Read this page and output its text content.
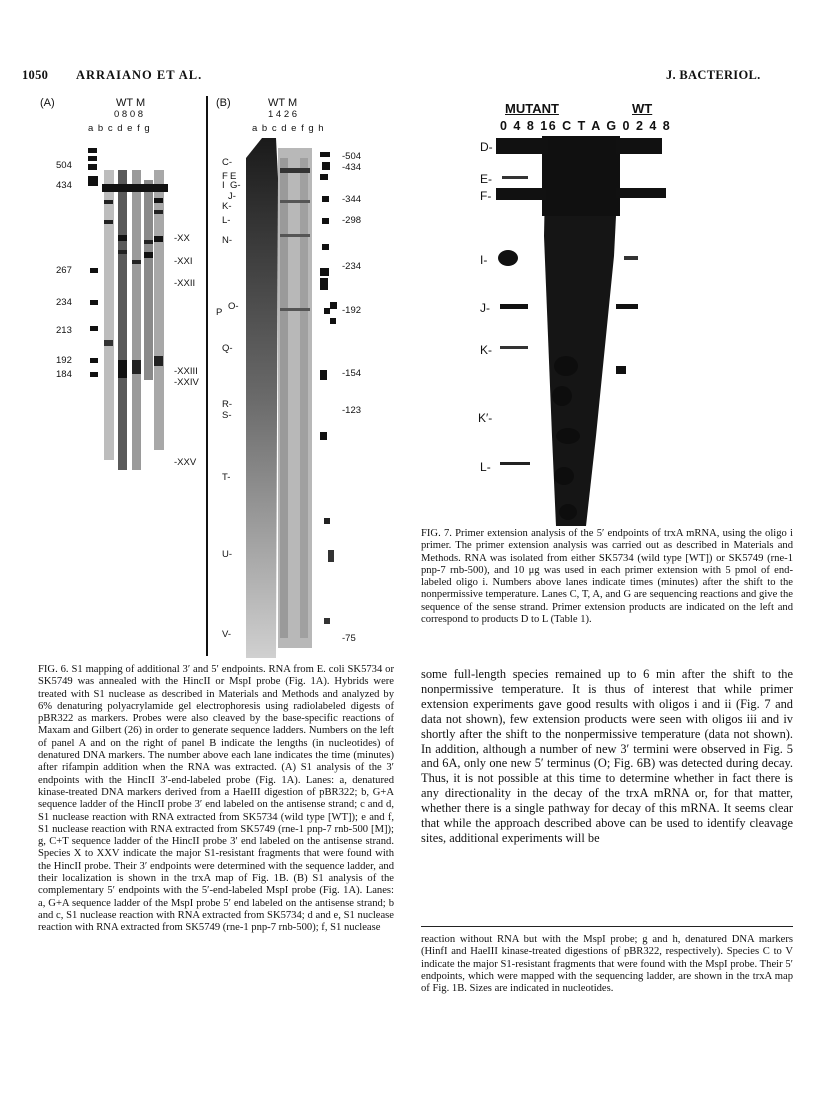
1050 ARRAIANO ET AL.	J. BACTERIOL.
(A)	WT M
0 8 0 8
a b c d e f g
504
434
267
234
213
192
184
-XX
-XXI
-XXII
-XXIII
-XXIV
-XXV
(B)	WT M
1 4 2 6
a b c d e f g h
C-
F E
I G-
J-
K-
L-
N-
O-
P
Q-
R-
S-
T-
U-
V-
-504
-434
-344
-298
-234
-192
-154
-123
-75
MUTANT	WT
0 4 8 16 C T A G 0 2 4 8
D-
E-
F-
I-
J-
K-
K′-
L-

FIG. 7. Primer extension analysis of the 5′ endpoints of trxA mRNA, using the oligo i primer. The primer extension analysis was carried out as described in Materials and Methods. RNA was isolated from either SK5734 (wild type [WT]) or SK5749 (rne-1 pnp-7 rnb-500), and 10 μg was used in each primer extension with 5 pmol of end-labeled oligo i. Numbers above lanes indicate times (minutes) after the shift to the nonpermissive temperature. Lanes C, T, A, and G are sequencing reactions and give the sequence of the sense strand. Primer extension products are indicated on the left and correspond to products D to L (Table 1).

FIG. 6. S1 mapping of additional 3′ and 5′ endpoints. RNA from E. coli SK5734 or SK5749 was annealed with the HincII or MspI probe (Fig. 1A). Hybrids were treated with S1 nuclease as described in Materials and Methods and analyzed by 6% denaturing polyacrylamide gel electrophoresis using radiolabeled digests of pBR322 as markers. Probes were also cleaved by the base-specific reactions of Maxam and Gilbert (26) in order to generate sequence ladders. Numbers on the left of panel A and on the right of panel B indicate the lengths (in nucleotides) of denatured DNA markers. The number above each lane indicates the time (minutes) after rifampin addition when the RNA was extracted. (A) S1 analysis of the 3′ endpoints with the HincII 3′-end-labeled probe (Fig. 1A). Lanes: a, denatured kinase-treated DNA markers derived from a HaeIII digestion of pBR322; b, G+A sequence ladder of the HincII probe 3′ end labeled on the antisense strand; c and d, S1 nuclease reaction with RNA extracted from SK5734 (wild type [WT]); e and f, S1 nuclease reaction with RNA extracted from SK5749 (rne-1 pnp-7 rnb-500 [M]); g, C+T sequence ladder of the HincII probe 3′ end labeled on the antisense strand. Species X to XXV indicate the major S1-resistant fragments that were found with the HincII probe. Their 3′ endpoints were determined with the sequence ladder, and their localization is shown in the trxA map of Fig. 1B. (B) S1 analysis of the complementary 5′ endpoints with the 5′-end-labeled MspI probe (Fig. 1A). Lanes: a, G+A sequence ladder of the MspI probe 5′ end labeled on the antisense strand; b and c, S1 nuclease reaction with RNA extracted from SK5734; d and e, S1 nuclease reaction with RNA extracted from SK5749 (rne-1 pnp-7 rnb-500); f, S1 nuclease

some full-length species remained up to 6 min after the shift to the nonpermissive temperature. It is thus of interest that while primer extension experiments gave good results with oligos i and ii (Fig. 7 and data not shown), few extension products were seen with oligos iii and iv shortly after the shift to the nonpermissive temperature (data not shown). In addition, although a number of new 3′ termini were observed in Fig. 5 and 6A, only one new 5′ terminus (O; Fig. 6B) was detected during decay. Thus, it is not possible at this time to determine whether in fact there is any directionality in the decay of the trxA mRNA or, for that matter, whether there is a single pathway for decay of this mRNA. It seems clear that while the approach described above can be used to identify cleavage sites, additional experiments will be

reaction without RNA but with the MspI probe; g and h, denatured DNA markers (HinfI and HaeIII kinase-treated digestions of pBR322, respectively). Species C to V indicate the major S1-resistant fragments that were found with the MspI probe. Their 5′ endpoints, which were mapped with the sequencing ladder, are shown in the trxA map of Fig. 1B. Sizes are indicated in nucleotides.
